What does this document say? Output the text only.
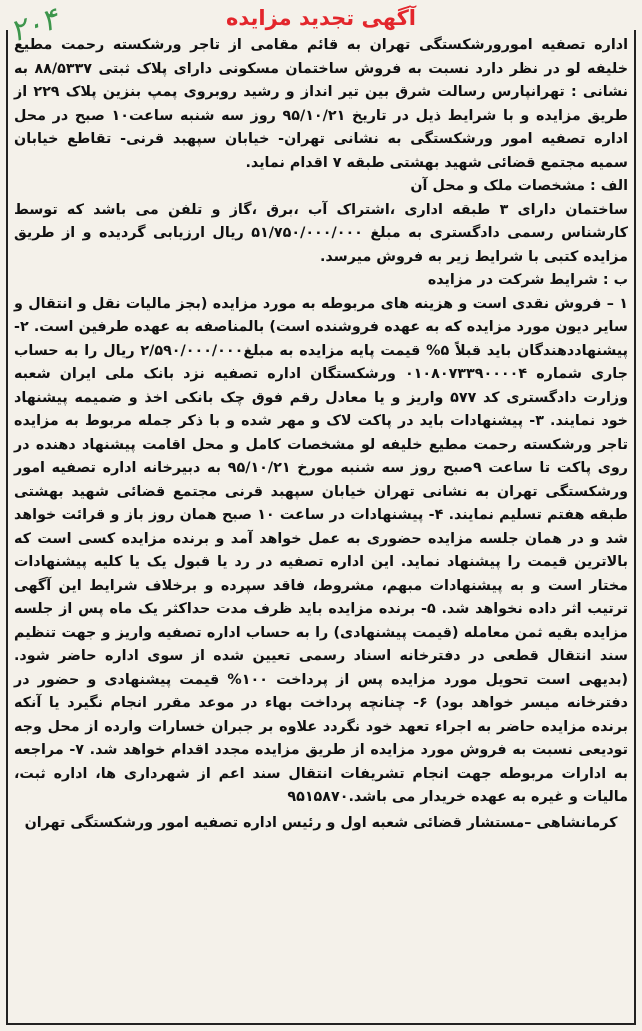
۲۰۴	آگهی تجدید مزایده

اداره تصفیه امورورشکستگی تهران به قائم مقامی از تاجر ورشکسته رحمت مطیع خلیفه لو در نظر دارد نسبت به فروش ساختمان مسکونی دارای پلاک ثبتی ۸۸/۵۳۳۷ به نشانی : تهرانپارس رسالت شرق بین تیر انداز و رشید روبروی پمپ بنزین پلاک ۲۲۹ از طریق مزایده و با شرایط ذیل در تاریخ ۹۵/۱۰/۲۱ روز سه شنبه ساعت۱۰ صبح در محل اداره تصفیه امور ورشکستگی به نشانی تهران- خیابان سپهبد قرنی- تقاطع خیابان سمیه مجتمع قضائی شهید بهشتی طبقه ۷ اقدام نماید.

الف : مشخصات ملک و محل آن

ساختمان دارای ۳ طبقه اداری ،اشتراک آب ،برق ،گاز و تلفن می باشد که توسط کارشناس رسمی دادگستری به مبلغ ۵۱/۷۵۰/۰۰۰/۰۰۰ ریال ارزیابی گردیده و از طریق مزایده کتبی با شرایط زیر به فروش میرسد.

ب : شرایط شرکت در مزایده

۱ – فروش نقدی است و هزینه های مربوطه به مورد مزایده (بجز مالیات نقل و انتقال و سایر دیون مورد مزایده که به عهده فروشنده است) بالمناصفه به عهده طرفین است. ۲- پیشنهاددهندگان باید قبلاً ۵% قیمت پایه مزایده به مبلغ۲/۵۹۰/۰۰۰/۰۰۰ ریال را به حساب جاری شماره ۰۱۰۸۰۷۳۳۹۰۰۰۰۴ ورشکستگان اداره تصفیه نزد بانک ملی ایران شعبه وزارت دادگستری کد ۵۷۷ واریز و یا معادل رقم فوق چک بانکی اخذ و ضمیمه پیشنهاد خود نمایند. ۳- پیشنهادات باید در پاکت لاک و مهر شده و با ذکر جمله مربوط به مزایده تاجر ورشکسته رحمت مطیع خلیفه لو مشخصات کامل و محل اقامت پیشنهاد دهنده در روی پاکت تا ساعت ۹صبح روز سه شنبه مورخ ۹۵/۱۰/۲۱ به دبیرخانه اداره تصفیه امور ورشکستگی تهران به نشانی تهران خیابان سپهبد قرنی مجتمع قضائی شهید بهشتی طبقه هفتم تسلیم نمایند. ۴- پیشنهادات در ساعت ۱۰ صبح همان روز باز و قرائت خواهد شد و در همان جلسه مزایده حضوری به عمل خواهد آمد و برنده مزایده کسی است که بالاترین قیمت را پیشنهاد نماید. این اداره تصفیه در رد یا قبول یک یا کلیه پیشنهادات مختار است و به پیشنهادات مبهم، مشروط، فاقد سپرده و برخلاف شرایط این آگهی ترتیب اثر داده نخواهد شد. ۵- برنده مزایده باید ظرف مدت حداکثر یک ماه پس از جلسه مزایده بقیه ثمن معامله (قیمت پیشنهادی) را به حساب اداره تصفیه واریز و جهت تنظیم سند انتقال قطعی در دفترخانه اسناد رسمی تعیین شده از سوی اداره حاضر شود. (بدیهی است تحویل مورد مزایده پس از پرداخت ۱۰۰% قیمت پیشنهادی و حضور در دفترخانه میسر خواهد بود) ۶- چنانچه پرداخت بهاء در موعد مقرر انجام نگیرد یا آنکه برنده مزایده حاضر به اجراء تعهد خود نگردد علاوه بر جبران خسارات وارده از محل وجه تودیعی نسبت به فروش مورد مزایده از طریق مزایده مجدد اقدام خواهد شد. ۷- مراجعه به ادارات مربوطه جهت انجام تشریفات انتقال سند اعم از شهرداری ها، اداره ثبت، مالیات و غیره به عهده خریدار می باشد.۹۵۱۵۸۷۰

کرمانشاهی –مستشار قضائی شعبه اول و رئیس اداره تصفیه امور ورشکستگی تهران
